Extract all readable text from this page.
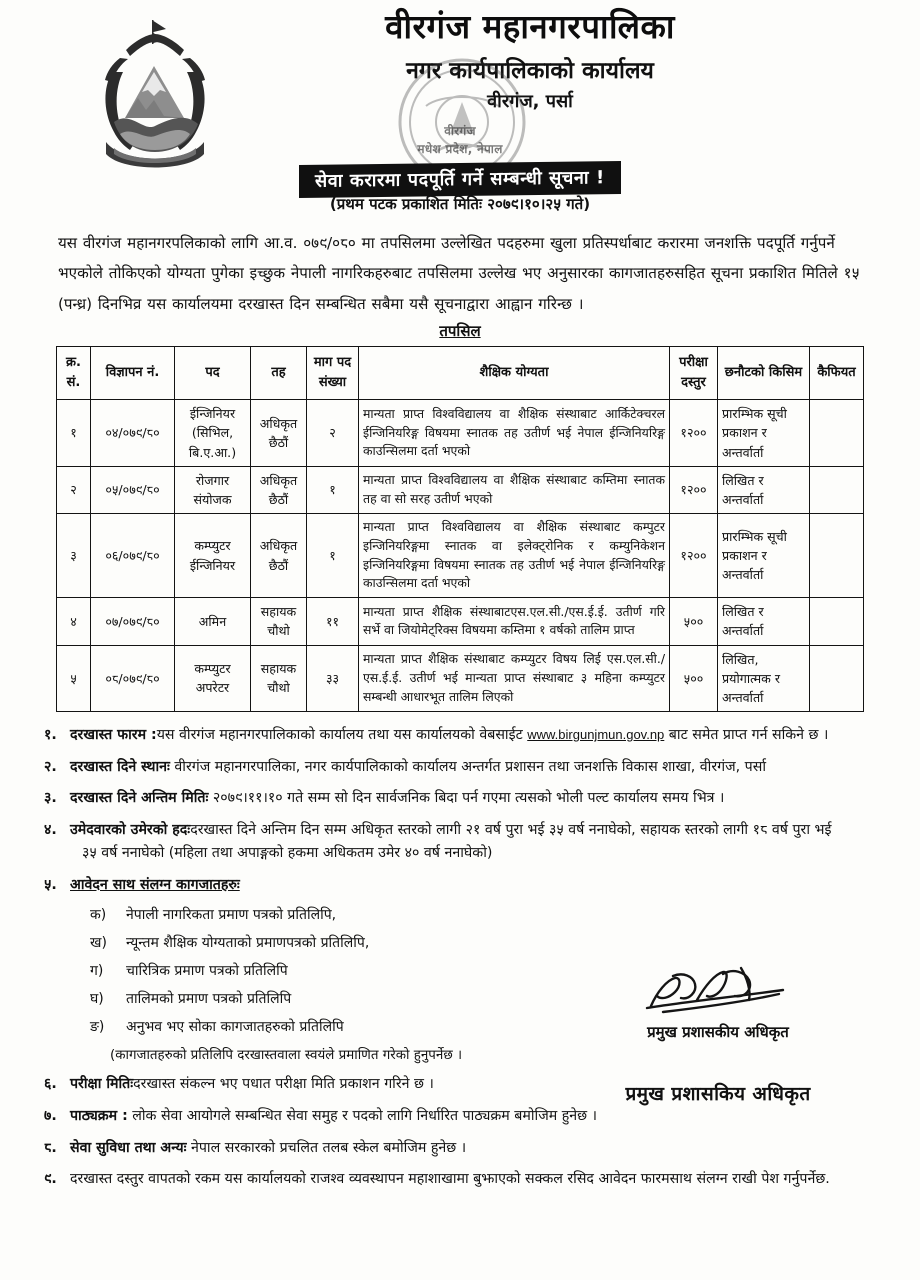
वीरगंज महानगरपालिका
नगर कार्यपालिकाको कार्यालय
वीरगंज, पर्सा
वीरगंज
मधेश प्रदेश, नेपाल
सेवा करारमा पदपूर्ति गर्ने सम्बन्धी सूचना !
(प्रथम पटक प्रकाशित मितिः २०७९।१०।२५ गते)
यस वीरगंज महानगरपलिकाको लागि आ.व. ०७९/०८० मा तपसिलमा उल्लेखित पदहरुमा खुला प्रतिस्पर्धाबाट करारमा जनशक्ति पदपूर्ति गर्नुपर्ने
भएकोले तोकिएको योग्यता पुगेका इच्छुक नेपाली नागरिकहरुबाट तपसिलमा उल्लेख भए अनुसारका कागजातहरुसहित सूचना प्रकाशित मितिले १५
(पन्ध्र) दिनभिव्र यस कार्यालयमा दरखास्त दिन सम्बन्धित सबैमा यसै सूचनाद्वारा आह्वान गरिन्छ ।
तपसिल
क्र. सं.	विज्ञापन नं.	पद	तह	माग पद संख्या	शैक्षिक योग्यता	परीक्षा दस्तुर	छनौटको किसिम	कैफियत
१	०४/०७९/८०	ईन्जिनियर (सिभिल, बि.ए.आ.)	अधिकृत छैठौं	२	मान्यता प्राप्त विश्वविद्यालय वा शैक्षिक संस्थाबाट आर्किटेक्चरल ईन्जिनियरिङ्ग विषयमा स्नातक तह उतीर्ण भई नेपाल ईन्जिनियरिङ्ग काउन्सिलमा दर्ता भएको	१२००	प्रारम्भिक सूची प्रकाशन र अन्तर्वार्ता	
२	०५/०७९/८०	रोजगार संयोजक	अधिकृत छैठौं	१	मान्यता प्राप्त विश्वविद्यालय वा शैक्षिक संस्थाबाट कम्तिमा स्नातक तह वा सो सरह उतीर्ण भएको	१२००	लिखित र अन्तर्वार्ता	
३	०६/०७९/८०	कम्प्युटर ईन्जिनियर	अधिकृत छैठौं	१	मान्यता प्राप्त विश्वविद्यालय वा शैक्षिक संस्थाबाट कम्पुटर इन्जिनियरिङ्गमा स्नातक वा इलेक्ट्रोनिक र कम्युनिकेशन इन्जिनियरिङ्गमा विषयमा स्नातक तह उतीर्ण भई नेपाल ईन्जिनियरिङ्ग काउन्सिलमा दर्ता भएको	१२००	प्रारम्भिक सूची प्रकाशन र अन्तर्वार्ता	
४	०७/०७९/८०	अमिन	सहायक चौथो	११	मान्यता प्राप्त शैक्षिक संस्थाबाटएस.एल.सी./एस.ई.ई. उतीर्ण गरि सर्भे वा जियोमेट्रिक्स विषयमा कम्तिमा १ वर्षको तालिम प्राप्त	५००	लिखित र अन्तर्वार्ता	
५	०८/०७९/८०	कम्प्युटर अपरेटर	सहायक चौथो	३३	मान्यता प्राप्त शैक्षिक संस्थाबाट कम्प्युटर विषय लिई एस.एल.सी./एस.ई.ई. उतीर्ण भई मान्यता प्राप्त संस्थाबाट ३ महिना कम्प्युटर सम्बन्धी आधारभूत तालिम लिएको	५००	लिखित, प्रयोगात्मक र अन्तर्वार्ता	
१. दरखास्त फारम :यस वीरगंज महानगरपालिकाको कार्यालय तथा यस कार्यालयको वेबसाईट www.birgunjmun.gov.np बाट समेत प्राप्त गर्न सकिने छ ।
२. दरखास्त दिने स्थानः वीरगंज महानगरपालिका, नगर कार्यपालिकाको कार्यालय अन्तर्गत प्रशासन तथा जनशक्ति विकास शाखा, वीरगंज, पर्सा
३. दरखास्त दिने अन्तिम मितिः २०७९।११।१० गते सम्म सो दिन सार्वजनिक बिदा पर्न गएमा त्यसको भोली पल्ट कार्यालय समय भित्र ।
४. उमेदवारको उमेरको हदःदरखास्त दिने अन्तिम दिन सम्म अधिकृत स्तरको लागी २१ वर्ष पुरा भई ३५ वर्ष ननाघेको, सहायक स्तरको लागी १८ वर्ष पुरा भई
३५ वर्ष ननाघेको (महिला तथा अपाङ्गको हकमा अधिकतम उमेर ४० वर्ष ननाघेको)
५. आवेदन साथ संलग्न कागजातहरुः
क)	नेपाली नागरिकता प्रमाण पत्रको प्रतिलिपि,
ख)	न्यून्तम शैक्षिक योग्यताको प्रमाणपत्रको प्रतिलिपि,
ग)	चारित्रिक प्रमाण पत्रको प्रतिलिपि
घ)	तालिमको प्रमाण पत्रको प्रतिलिपि
ङ)	अनुभव भए सोका कागजातहरुको प्रतिलिपि
(कागजातहरुको प्रतिलिपि दरखास्तवाला स्वयंले प्रमाणित गरेको हुनुपर्नेछ ।
६. परीक्षा मितिःदरखास्त संकल्न भए पधात परीक्षा मिति प्रकाशन गरिने छ ।
७. पाठ्यक्रम : लोक सेवा आयोगले सम्बन्धित सेवा समुह र पदको लागि निर्धारित पाठ्यक्रम बमोजिम हुनेछ ।
८. सेवा सुविधा तथा अन्यः नेपाल सरकारको प्रचलित तलब स्केल बमोजिम हुनेछ ।
९. दरखास्त दस्तुर वापतको रकम यस कार्यालयको राजश्व व्यवस्थापन महाशाखामा बुझाएको सक्कल रसिद आवेदन फारमसाथ संलग्न राखी पेश गर्नुपर्नेछ.
प्रमुख प्रशासकीय अधिकृत
प्रमुख प्रशासकिय अधिकृत
